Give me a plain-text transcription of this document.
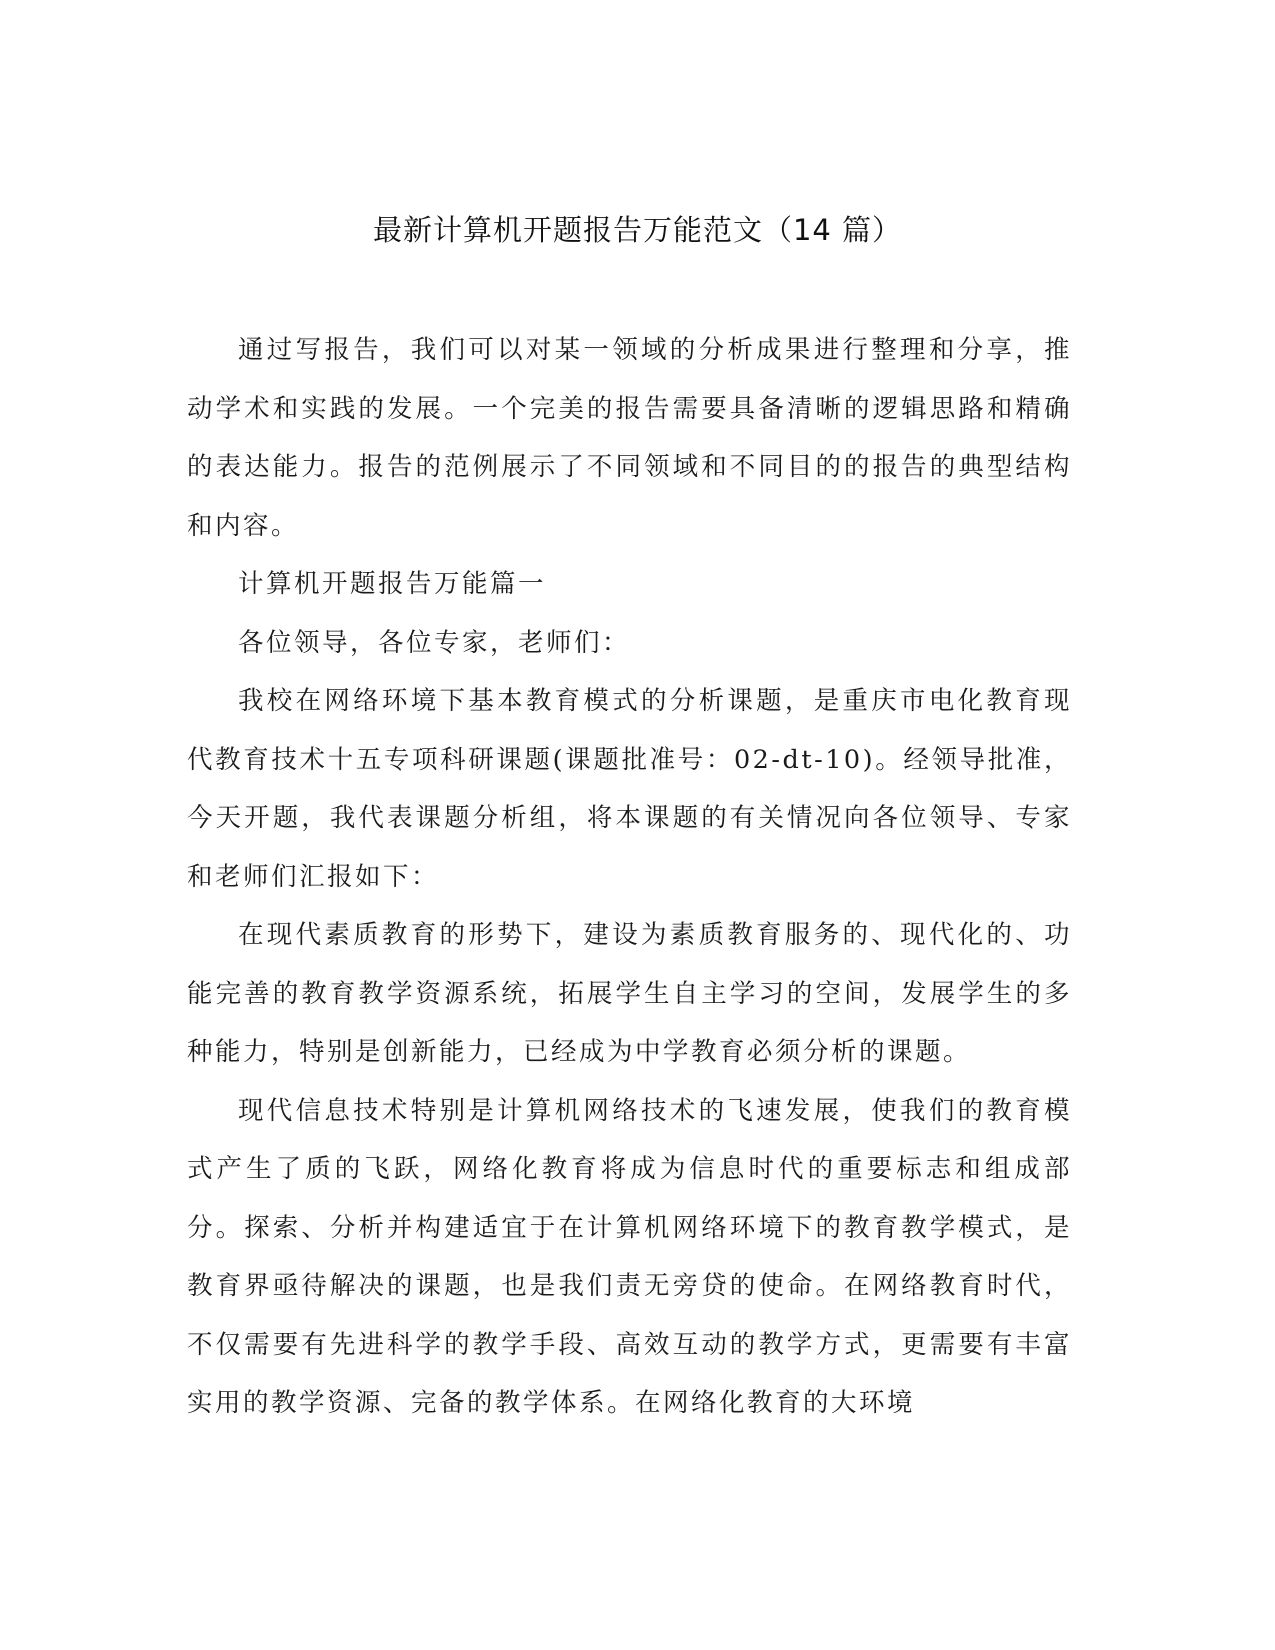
最新计算机开题报告万能范文（14 篇）

通过写报告，我们可以对某一领域的分析成果进行整理和分享，推动学术和实践的发展。一个完美的报告需要具备清晰的逻辑思路和精确的表达能力。报告的范例展示了不同领域和不同目的的报告的典型结构和内容。

计算机开题报告万能篇一

各位领导，各位专家，老师们：

我校在网络环境下基本教育模式的分析课题，是重庆市电化教育现代教育技术十五专项科研课题(课题批准号：02-dt-10)。经领导批准，今天开题，我代表课题分析组，将本课题的有关情况向各位领导、专家和老师们汇报如下：

在现代素质教育的形势下，建设为素质教育服务的、现代化的、功能完善的教育教学资源系统，拓展学生自主学习的空间，发展学生的多种能力，特别是创新能力，已经成为中学教育必须分析的课题。

现代信息技术特别是计算机网络技术的飞速发展，使我们的教育模式产生了质的飞跃，网络化教育将成为信息时代的重要标志和组成部分。探索、分析并构建适宜于在计算机网络环境下的教育教学模式，是教育界亟待解决的课题，也是我们责无旁贷的使命。在网络教育时代，不仅需要有先进科学的教学手段、高效互动的教学方式，更需要有丰富实用的教学资源、完备的教学体系。在网络化教育的大环境
